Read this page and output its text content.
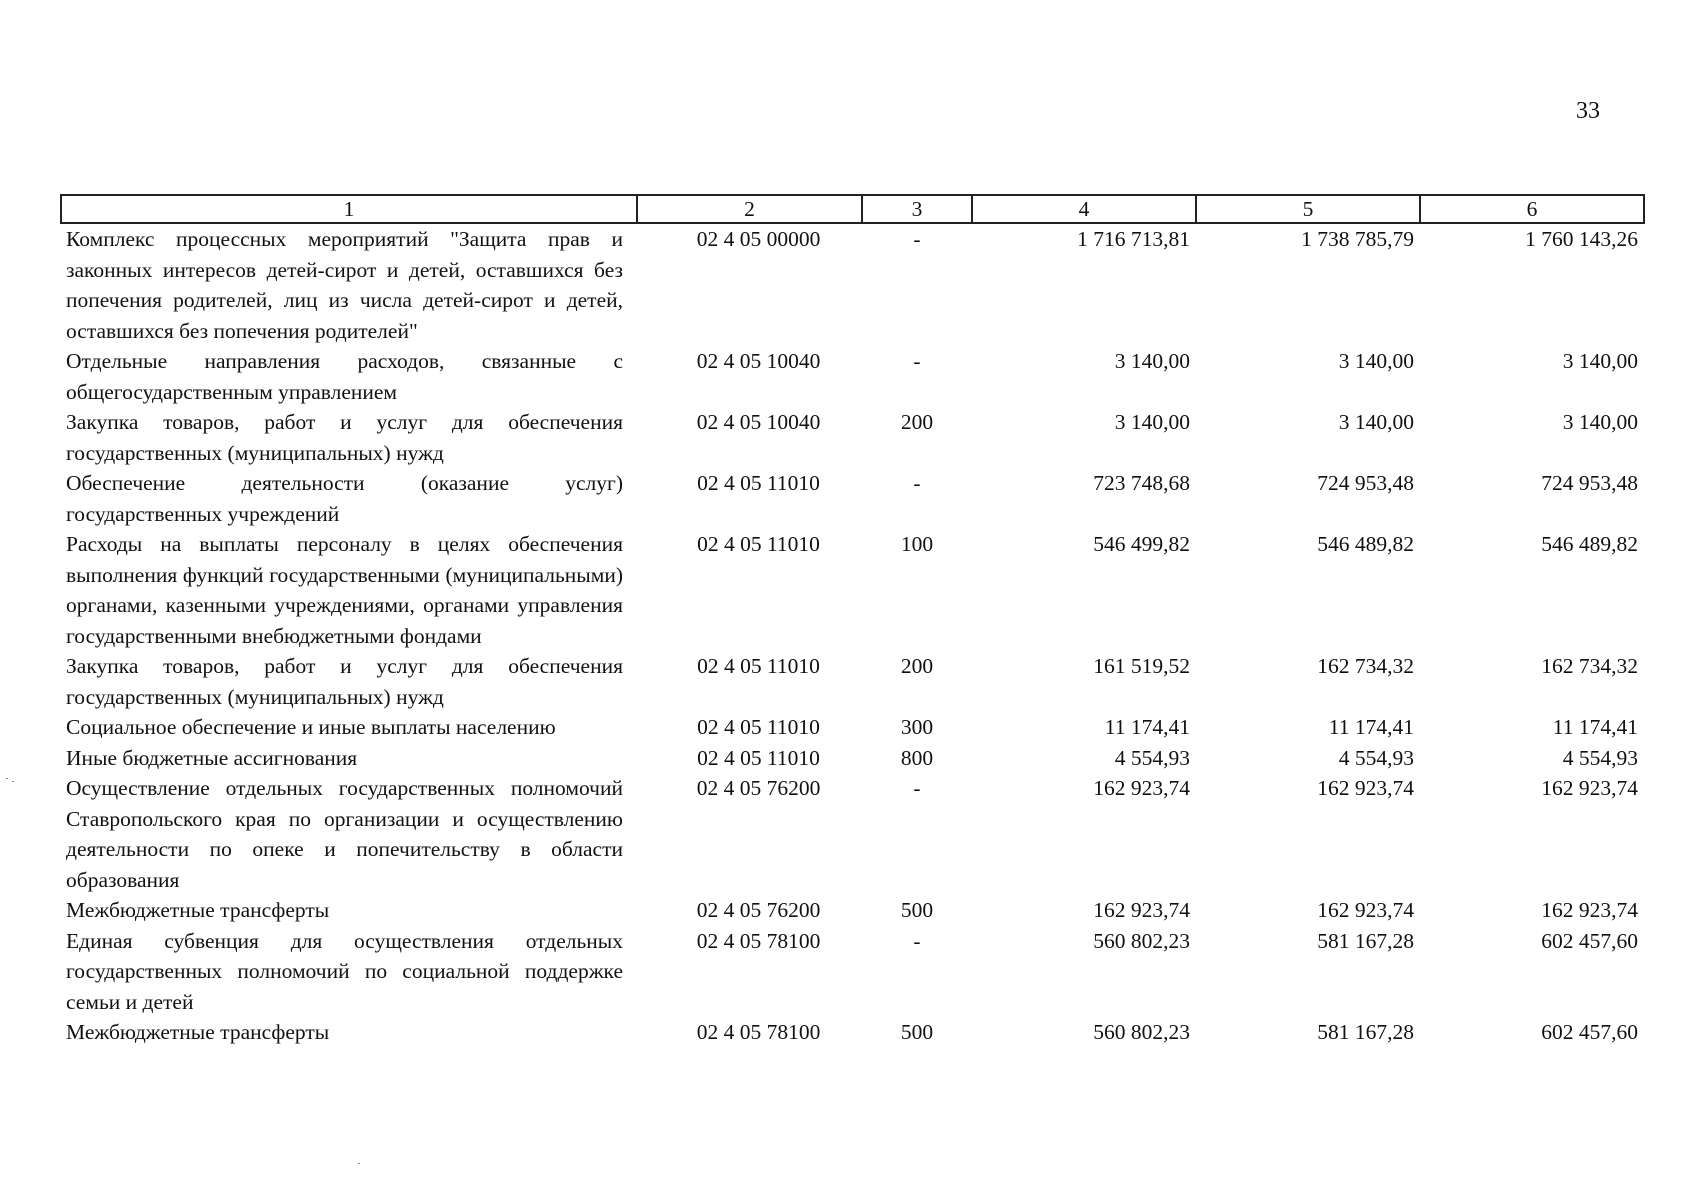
33
1	2	3	4	5	6
Комплекс процессных мероприятий "Защита прав и законных интересов детей-сирот и детей, оставшихся без попечения родителей, лиц из числа детей-сирот и детей, оставшихся без попечения родителей"	02 4 05 00000	-	1 716 713,81	1 738 785,79	1 760 143,26
Отдельные направления расходов, связанные с общегосударственным управлением	02 4 05 10040	-	3 140,00	3 140,00	3 140,00
Закупка товаров, работ и услуг для обеспечения государственных (муниципальных) нужд	02 4 05 10040	200	3 140,00	3 140,00	3 140,00
Обеспечение деятельности (оказание услуг) государственных учреждений	02 4 05 11010	-	723 748,68	724 953,48	724 953,48
Расходы на выплаты персоналу в целях обеспечения выполнения функций государственными (муниципальными) органами, казенными учреждениями, органами управления государственными внебюджетными фондами	02 4 05 11010	100	546 499,82	546 489,82	546 489,82
Закупка товаров, работ и услуг для обеспечения государственных (муниципальных) нужд	02 4 05 11010	200	161 519,52	162 734,32	162 734,32
Социальное обеспечение и иные выплаты населению	02 4 05 11010	300	11 174,41	11 174,41	11 174,41
Иные бюджетные ассигнования	02 4 05 11010	800	4 554,93	4 554,93	4 554,93
Осуществление отдельных государственных полномочий Ставропольского края по организации и осуществлению деятельности по опеке и попечительству в области образования	02 4 05 76200	-	162 923,74	162 923,74	162 923,74
Межбюджетные трансферты	02 4 05 76200	500	162 923,74	162 923,74	162 923,74
Единая субвенция для осуществления отдельных государственных полномочий по социальной поддержке семьи и детей	02 4 05 78100	-	560 802,23	581 167,28	602 457,60
Межбюджетные трансферты	02 4 05 78100	500	560 802,23	581 167,28	602 457,60
